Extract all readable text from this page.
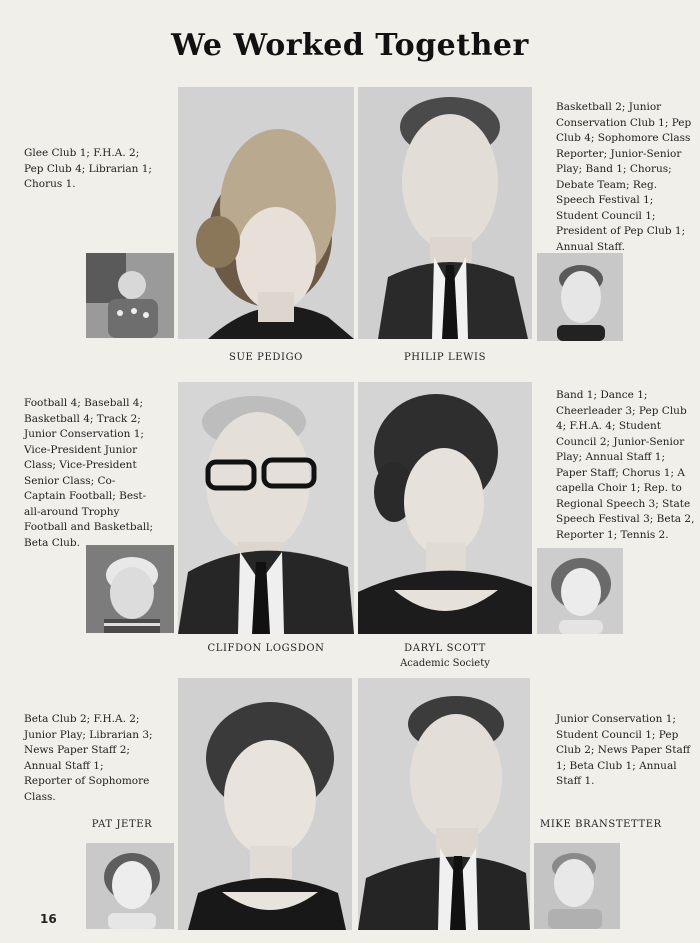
We Worked Together
Glee Club 1; F.H.A. 2; Pep Club 4; Librarian 1; Chorus 1.
SUE PEDIGO	PHILIP LEWIS
Basketball 2; Junior Conservation Club 1; Pep Club 4; Sophomore Class Reporter; Junior-Senior Play; Band 1; Chorus; Debate Team; Reg. Speech Festival 1; Student Council 1; President of Pep Club 1; Annual Staff.
Football 4; Baseball 4; Basketball 4; Track 2; Junior Conservation 1; Vice-President Junior Class; Vice-President Senior Class; Co-Captain Football; Best-all-around Trophy Football and Basketball; Beta Club.
CLIFDON LOGSDON	DARYL SCOTT
Academic Society
Band 1; Dance 1; Cheerleader 3; Pep Club 4; F.H.A. 4; Student Council 2; Junior-Senior Play; Annual Staff 1; Paper Staff; Chorus 1; A capella Choir 1; Rep. to Regional Speech 3; State Speech Festival 3; Beta 2, Reporter 1; Tennis 2.
Beta Club 2; F.H.A. 2; Junior Play; Librarian 3; News Paper Staff 2; Annual Staff 1; Reporter of Sophomore Class.
PAT JETER
Junior Conservation 1; Student Council 1; Pep Club 2; News Paper Staff 1; Beta Club 1; Annual Staff 1.
MIKE BRANSTETTER
16
